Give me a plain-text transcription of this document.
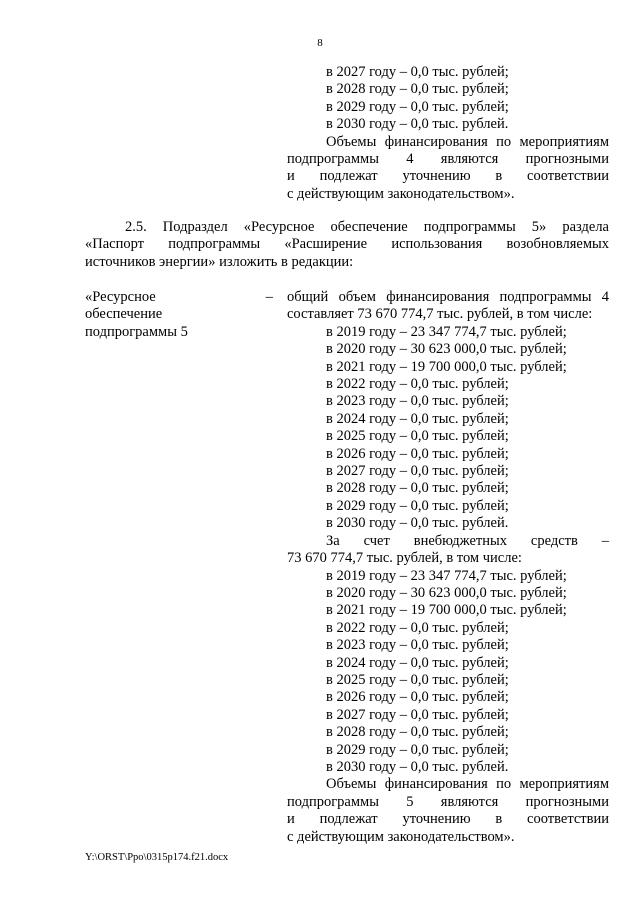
8
в 2027 году – 0,0 тыс. рублей;
в 2028 году – 0,0 тыс. рублей;
в 2029 году – 0,0 тыс. рублей;
в 2030 году – 0,0 тыс. рублей.
Объемы финансирования по мероприятиям
подпрограммы 4 являются прогнозными
и подлежат уточнению в соответствии
с действующим законодательством».
2.5. Подраздел «Ресурсное обеспечение подпрограммы 5» раздела
«Паспорт подпрограммы «Расширение использования возобновляемых
источников энергии» изложить в редакции:
«Ресурсное
обеспечение
подпрограммы 5
– общий объем финансирования подпрограммы 4
составляет 73 670 774,7 тыс. рублей, в том числе:
в 2019 году – 23 347 774,7 тыс. рублей;
в 2020 году – 30 623 000,0 тыс. рублей;
в 2021 году – 19 700 000,0 тыс. рублей;
в 2022 году – 0,0 тыс. рублей;
в 2023 году – 0,0 тыс. рублей;
в 2024 году – 0,0 тыс. рублей;
в 2025 году – 0,0 тыс. рублей;
в 2026 году – 0,0 тыс. рублей;
в 2027 году – 0,0 тыс. рублей;
в 2028 году – 0,0 тыс. рублей;
в 2029 году – 0,0 тыс. рублей;
в 2030 году – 0,0 тыс. рублей.
За счет внебюджетных средств –
73 670 774,7 тыс. рублей, в том числе:
в 2019 году – 23 347 774,7 тыс. рублей;
в 2020 году – 30 623 000,0 тыс. рублей;
в 2021 году – 19 700 000,0 тыс. рублей;
в 2022 году – 0,0 тыс. рублей;
в 2023 году – 0,0 тыс. рублей;
в 2024 году – 0,0 тыс. рублей;
в 2025 году – 0,0 тыс. рублей;
в 2026 году – 0,0 тыс. рублей;
в 2027 году – 0,0 тыс. рублей;
в 2028 году – 0,0 тыс. рублей;
в 2029 году – 0,0 тыс. рублей;
в 2030 году – 0,0 тыс. рублей.
Объемы финансирования по мероприятиям
подпрограммы 5 являются прогнозными
и подлежат уточнению в соответствии
с действующим законодательством».
Y:\ORST\Ppo\0315p174.f21.docx
